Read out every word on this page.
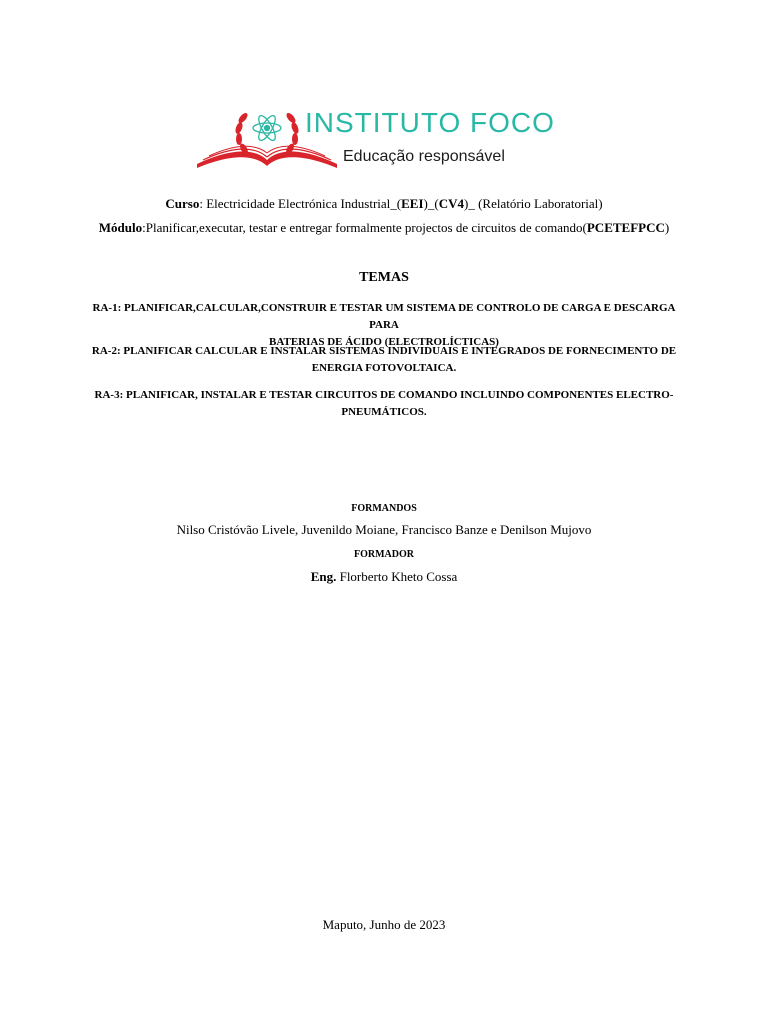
INSTITUTO FOCO
Educação responsável
Curso: Electricidade Electrónica Industrial_(EEI)_(CV4)_ (Relatório Laboratorial)
Módulo:Planificar,executar, testar e entregar formalmente projectos de circuitos de comando(PCETEFPCC)
TEMAS
RA-1: PLANIFICAR,CALCULAR,CONSTRUIR E TESTAR UM SISTEMA DE CONTROLO DE CARGA E DESCARGA PARA
BATERIAS DE ÁCIDO (ELECTROLÍCTICAS)
RA-2: PLANIFICAR CALCULAR E INSTALAR SISTEMAS INDIVIDUAIS E INTEGRADOS DE FORNECIMENTO DE
ENERGIA FOTOVOLTAICA.
RA-3: PLANIFICAR, INSTALAR E TESTAR CIRCUITOS DE COMANDO INCLUINDO COMPONENTES ELECTRO-
PNEUMÁTICOS.
FORMANDOS
Nilso Cristóvão Livele, Juvenildo Moiane, Francisco Banze e Denilson Mujovo
FORMADOR
Eng. Florberto Kheto Cossa
Maputo, Junho de 2023
